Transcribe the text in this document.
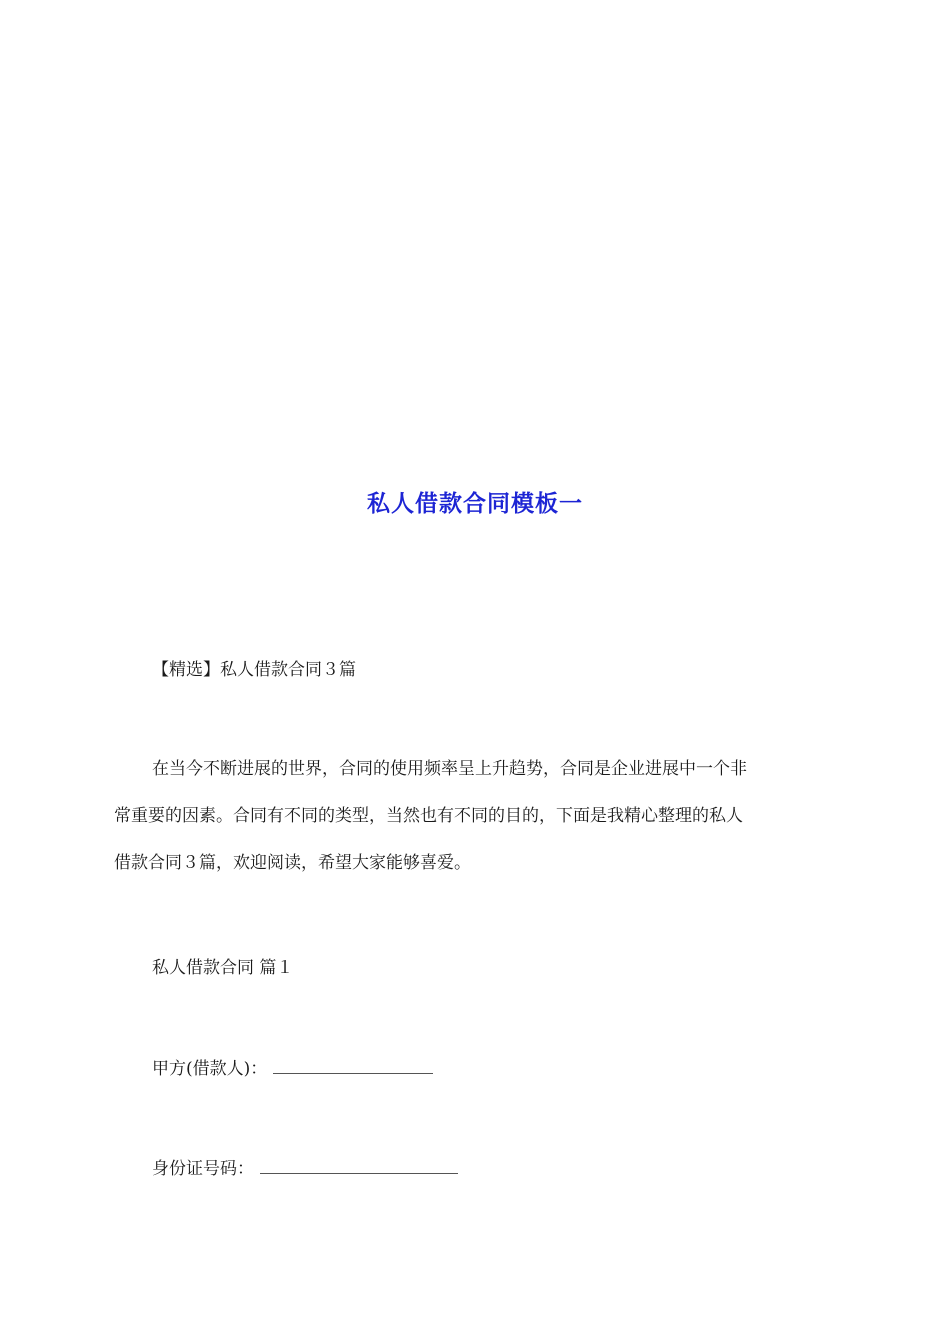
私人借款合同模板一
【精选】私人借款合同３篇
在当今不断进展的世界，合同的使用频率呈上升趋势，合同是企业进展中一个非
常重要的因素。合同有不同的类型，当然也有不同的目的，下面是我精心整理的私人
借款合同３篇，欢迎阅读，希望大家能够喜爱。
私人借款合同 篇１
甲方(借款人)：
身份证号码：
